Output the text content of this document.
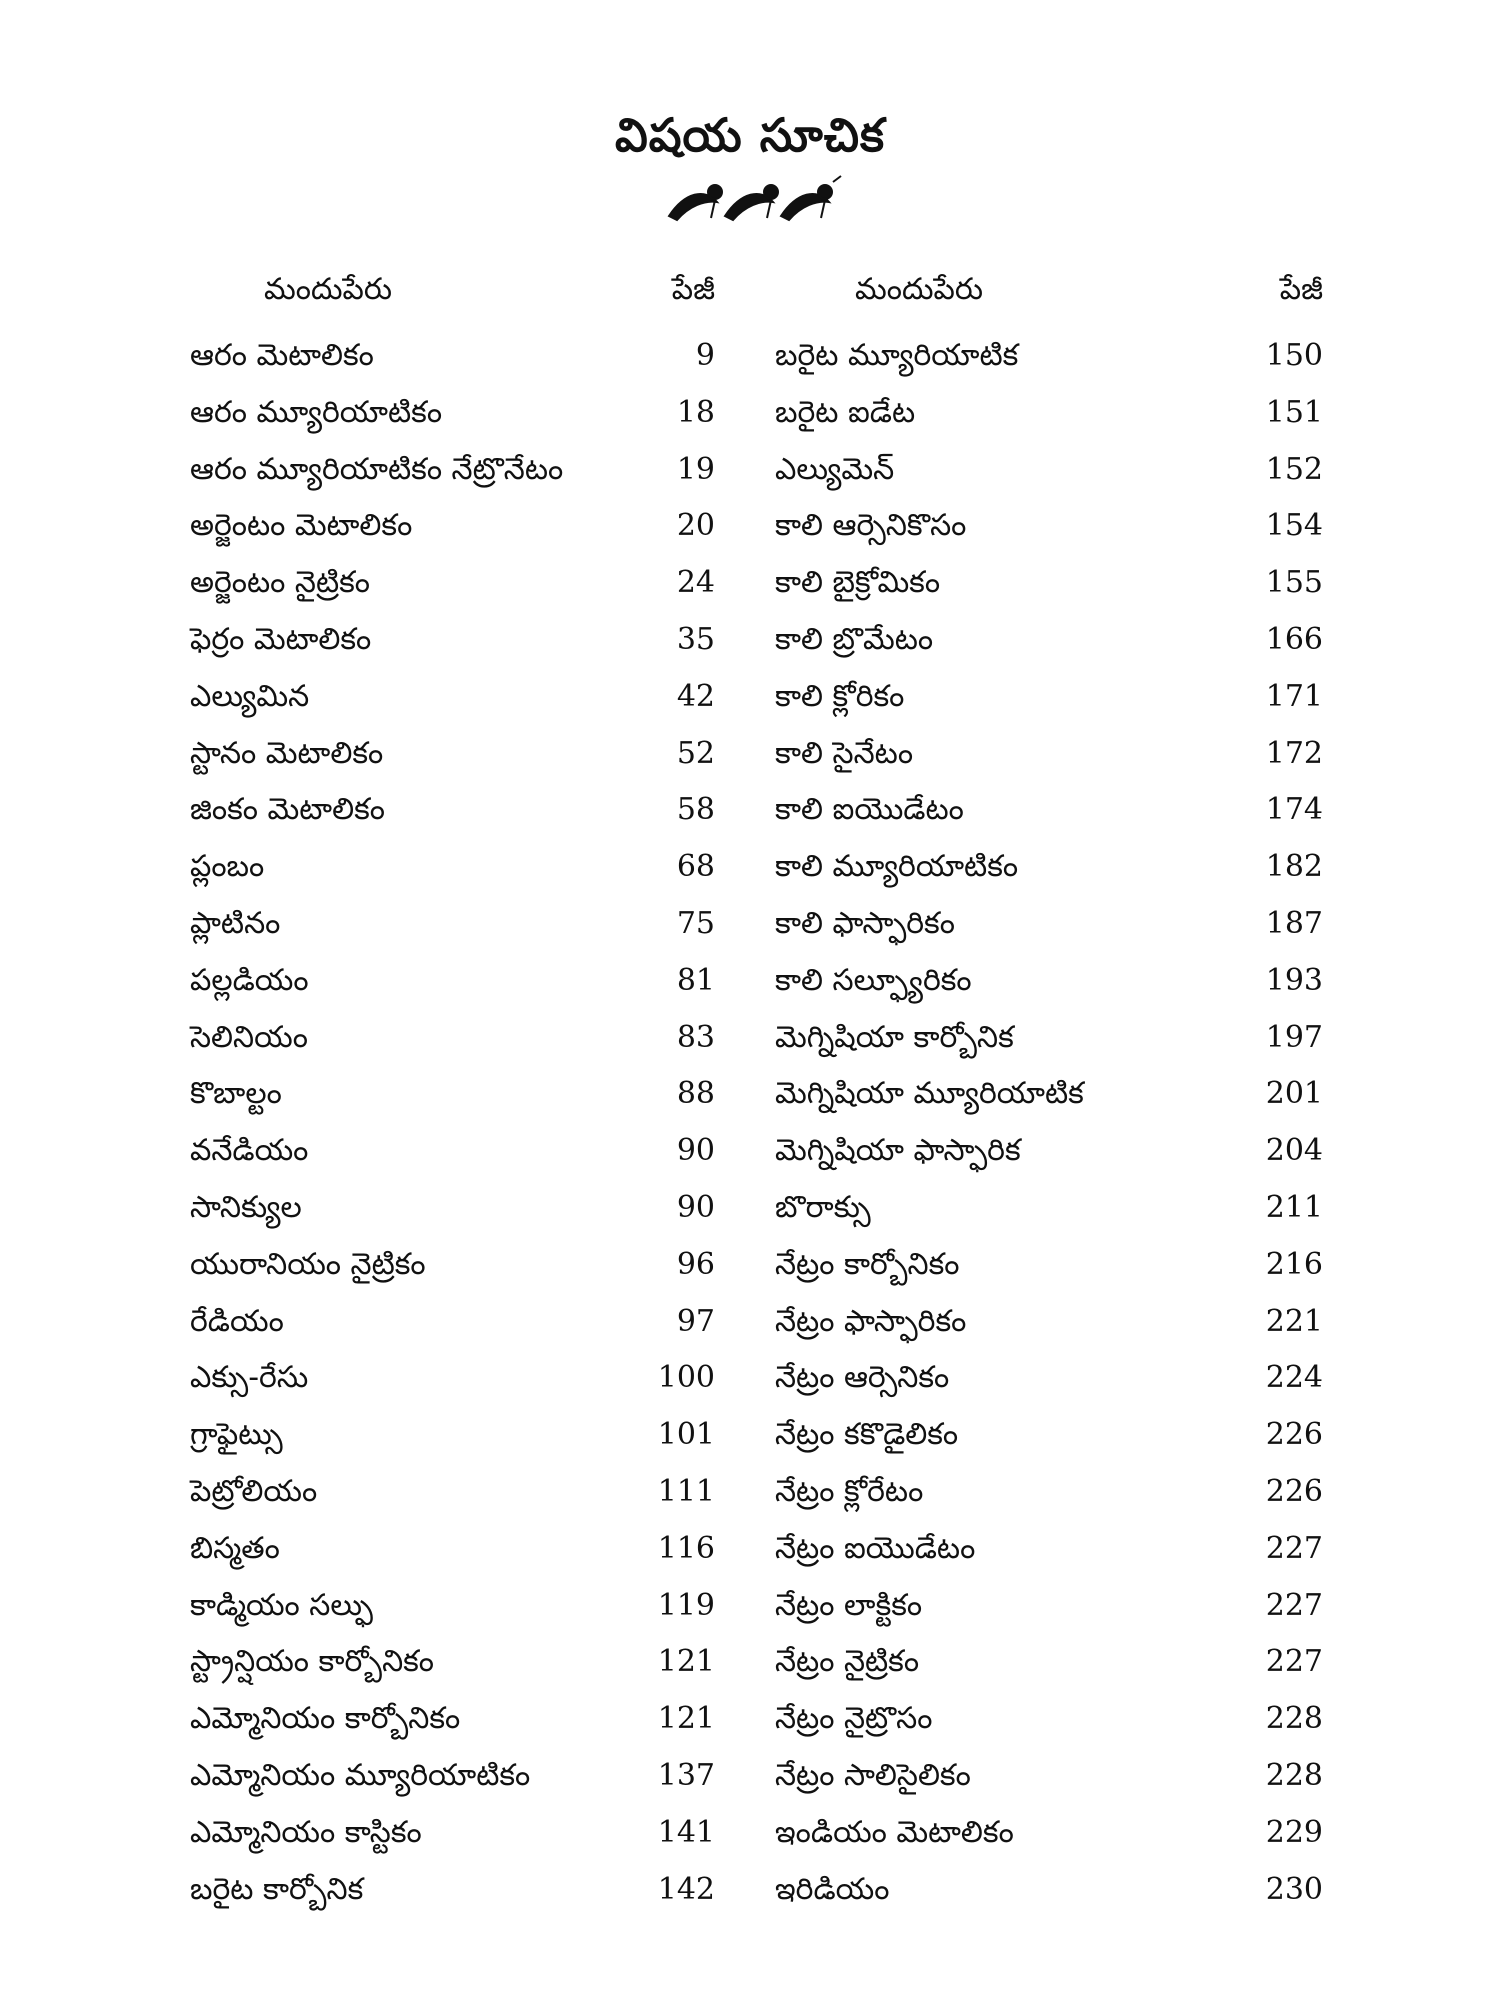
విషయ సూచిక
మందుపేరు	పేజీ
ఆరం మెటాలికం	9
ఆరం మ్యూరియాటికం	18
ఆరం మ్యూరియాటికం నేట్రొనేటం	19
అర్జెంటం మెటాలికం	20
అర్జెంటం నైట్రికం	24
ఫెర్రం మెటాలికం	35
ఎల్యుమిన	42
స్టానం మెటాలికం	52
జింకం మెటాలికం	58
ప్లంబం	68
ప్లాటినం	75
పల్లడియం	81
సెలినియం	83
కొబాల్టం	88
వనేడియం	90
సానిక్యుల	90
యురానియం నైట్రికం	96
రేడియం	97
ఎక్సు-రేసు	100
గ్రాఫైట్సు	101
పెట్రోలియం	111
బిస్మతం	116
కాడ్మియం సల్ఫు	119
స్ట్రాన్షియం కార్బోనికం	121
ఎమ్మోనియం కార్బోనికం	121
ఎమ్మోనియం మ్యూరియాటికం	137
ఎమ్మోనియం కాస్టికం	141
బరైట కార్బోనిక	142
మందుపేరు	పేజీ
బరైట మ్యూరియాటిక	150
బరైట ఐడేట	151
ఎల్యుమెన్	152
కాలి ఆర్సెనికొసం	154
కాలి బైక్రోమికం	155
కాలి బ్రొమేటం	166
కాలి క్లోరికం	171
కాలి సైనేటం	172
కాలి ఐయొడేటం	174
కాలి మ్యూరియాటికం	182
కాలి ఫాస్ఫారికం	187
కాలి సల్ఫ్యూరికం	193
మెగ్నిషియా కార్బోనిక	197
మెగ్నిషియా మ్యూరియాటిక	201
మెగ్నిషియా ఫాస్ఫారిక	204
బొరాక్సు	211
నేట్రం కార్బోనికం	216
నేట్రం ఫాస్ఫారికం	221
నేట్రం ఆర్సెనికం	224
నేట్రం కకొడైలికం	226
నేట్రం క్లోరేటం	226
నేట్రం ఐయొడేటం	227
నేట్రం లాక్టికం	227
నేట్రం నైట్రికం	227
నేట్రం నైట్రొసం	228
నేట్రం సాలిసైలికం	228
ఇండియం మెటాలికం	229
ఇరిడియం	230
